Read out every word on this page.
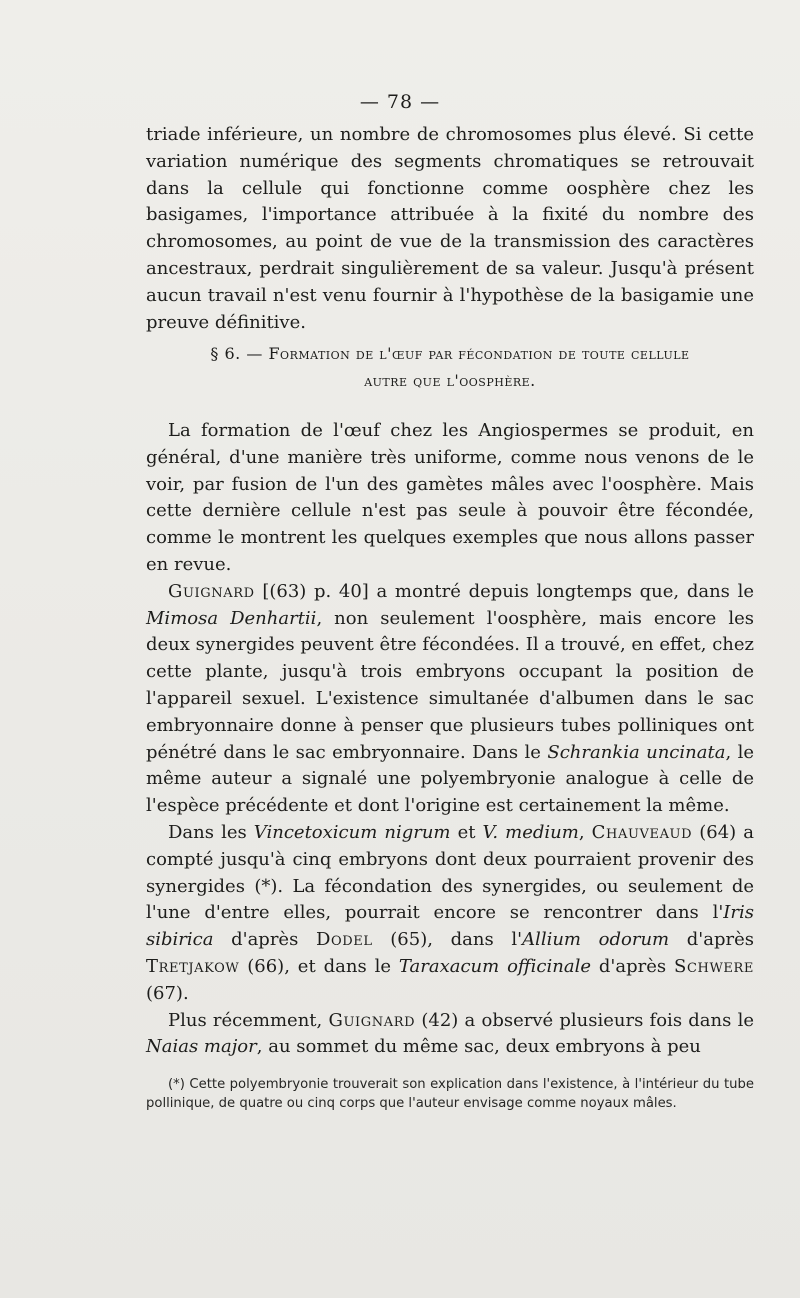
— 78 —

triade inférieure, un nombre de chromosomes plus élevé. Si cette variation numérique des segments chromatiques se retrouvait dans la cellule qui fonctionne comme oosphère chez les basigames, l'importance attribuée à la fixité du nombre des chromosomes, au point de vue de la transmission des caractères ancestraux, perdrait singulièrement de sa valeur. Jusqu'à présent aucun travail n'est venu fournir à l'hypothèse de la basigamie une preuve définitive.

§ 6. — Formation de l'œuf par fécondation de toute cellule
autre que l'oosphère.

La formation de l'œuf chez les Angiospermes se produit, en général, d'une manière très uniforme, comme nous venons de le voir, par fusion de l'un des gamètes mâles avec l'oosphère. Mais cette dernière cellule n'est pas seule à pouvoir être fécondée, comme le montrent les quelques exemples que nous allons passer en revue.

Guignard [(63) p. 40] a montré depuis longtemps que, dans le Mimosa Denhartii, non seulement l'oosphère, mais encore les deux synergides peuvent être fécondées. Il a trouvé, en effet, chez cette plante, jusqu'à trois embryons occupant la position de l'appareil sexuel. L'existence simultanée d'albumen dans le sac embryonnaire donne à penser que plusieurs tubes polliniques ont pénétré dans le sac embryonnaire. Dans le Schrankia uncinata, le même auteur a signalé une polyembryonie analogue à celle de l'espèce précédente et dont l'origine est certainement la même.

Dans les Vincetoxicum nigrum et V. medium, Chauveaud (64) a compté jusqu'à cinq embryons dont deux pourraient provenir des synergides (*). La fécondation des synergides, ou seulement de l'une d'entre elles, pourrait encore se rencontrer dans l'Iris sibirica d'après Dodel (65), dans l'Allium odorum d'après Tretjakow (66), et dans le Taraxacum officinale d'après Schwere (67).

Plus récemment, Guignard (42) a observé plusieurs fois dans le Naias major, au sommet du même sac, deux embryons à peu

(*) Cette polyembryonie trouverait son explication dans l'existence, à l'intérieur du tube pollinique, de quatre ou cinq corps que l'auteur envisage comme noyaux mâles.
